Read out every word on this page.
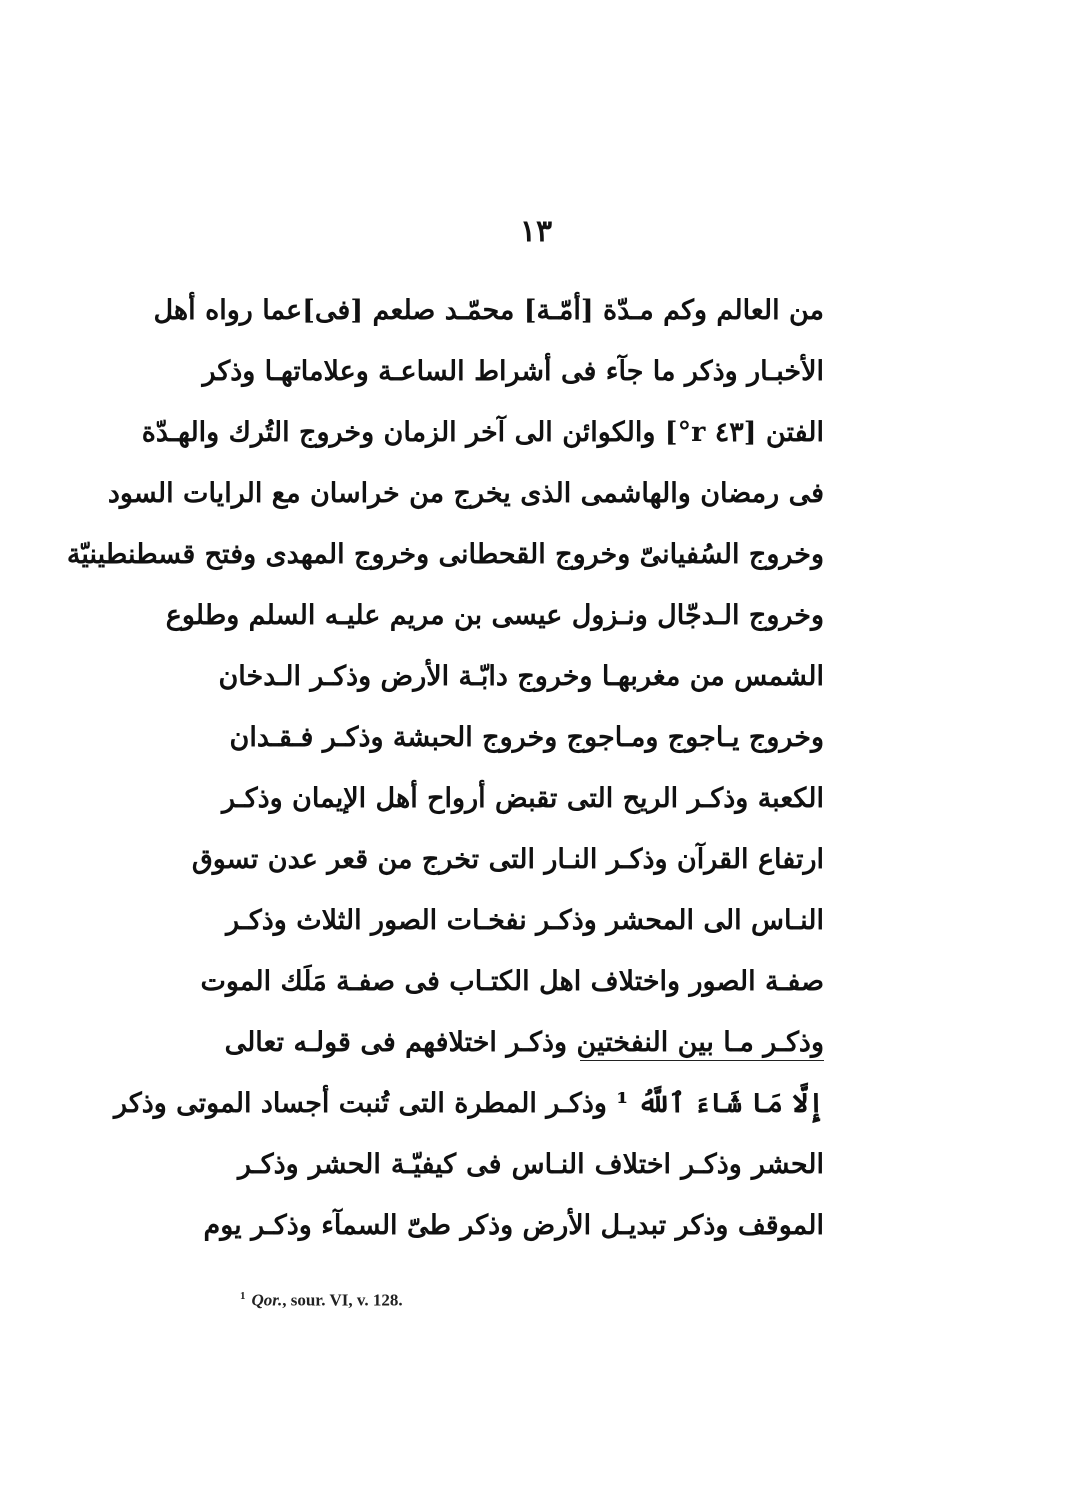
١٣
من العالم وكم مـدّة [أمّـة] محمّـد صلعم [فى]عما رواه أهل
الأخبـار وذكر ما جآء فى أشراط الساعـة وعلاماتهـا وذكر
الفتن [٤٣ r°] والكوائن الى آخر الزمان وخروج التُرك والهـدّة
فى رمضان والهاشمى الذى يخرج من خراسان مع الرايات السود
وخروج السُفيانىّ وخروج القحطانى وخروج المهدى وفتح قسطنطينيّة
وخروج الـدجّال ونـزول عيسى بن مريم عليـه السلم وطلوع
الشمس من مغربهـا وخروج دابّـة الأرض وذكـر الـدخان
وخروج يـاجوج ومـاجوج وخروج الحبشة وذكـر فـقـدان
الكعبة وذكـر الريح التى تقبض أرواح أهل الإيمان وذكـر
ارتفاع القرآن وذكـر النـار التى تخرج من قعر عدن تسوق
النـاس الى المحشر وذكـر نفخـات الصور الثلاث وذكـر
صفـة الصور واختلاف اهل الكتـاب فى صفـة مَلَك الموت
وذكـر مـا بين النفختين وذكـر اختلافهم فى قولـه تعالى
إِلَّا مَا شَاءَ ٱللَّهُ ¹ وذكـر المطرة التى تُنبت أجساد الموتى وذكر
الحشر وذكـر اختلاف النـاس فى كيفيّـة الحشر وذكـر
الموقف وذكر تبديـل الأرض وذكر طىّ السمآء وذكـر يوم
$^1$ Qor., sour. VI, v. 128.
